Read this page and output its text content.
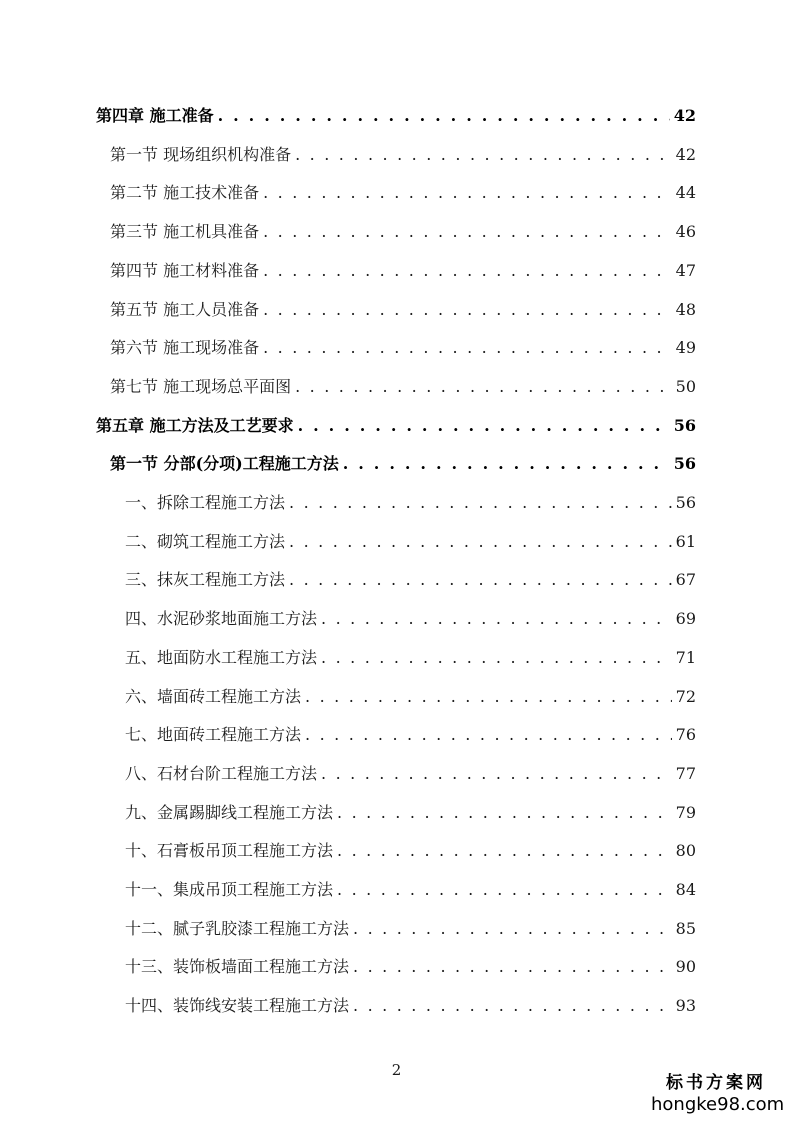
第四章 施工准备 . . .	42
第一节 现场组织机构准备 . . .	42
第二节 施工技术准备 . . .	44
第三节 施工机具准备 . . .	46
第四节 施工材料准备 . . .	47
第五节 施工人员准备 . . .	48
第六节 施工现场准备 . . .	49
第七节 施工现场总平面图 . . .	50
第五章 施工方法及工艺要求 . . .	56
第一节 分部(分项)工程施工方法 . . .	56
一、拆除工程施工方法 . . .	56
二、砌筑工程施工方法 . . .	61
三、抹灰工程施工方法 . . .	67
四、水泥砂浆地面施工方法 . . .	69
五、地面防水工程施工方法 . . .	71
六、墙面砖工程施工方法 . . .	72
七、地面砖工程施工方法 . . .	76
八、石材台阶工程施工方法 . . .	77
九、金属踢脚线工程施工方法 . . .	79
十、石膏板吊顶工程施工方法 . . .	80
十一、集成吊顶工程施工方法 . . .	84
十二、腻子乳胶漆工程施工方法 . . .	85
十三、装饰板墙面工程施工方法 . . .	90
十四、装饰线安装工程施工方法 . . .	93
2
标书方案网
hongke98.com
